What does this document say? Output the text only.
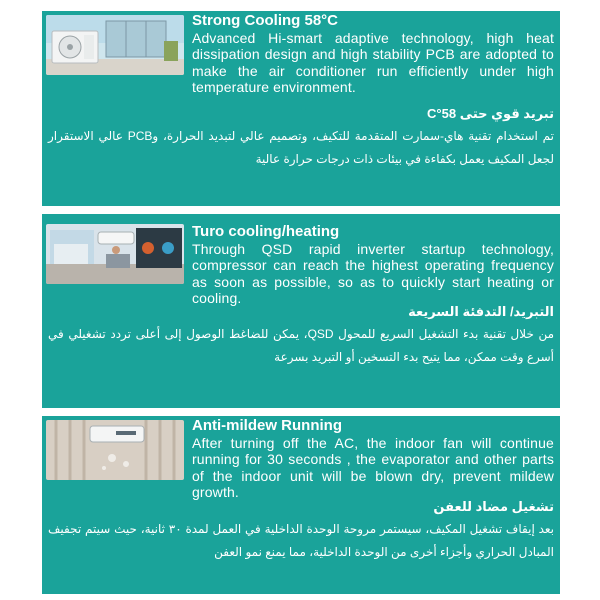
Strong Cooling 58°C

Advanced Hi-smart adaptive technology, high heat dissipation design and high stability PCB are adopted to make the air conditioner run efficiently under high temperature environment.

تبريد قوي حتى 58°C

تم استخدام تقنية هاي-سمارت المتقدمة للتكيف، وتصميم عالي لتبديد الحرارة، وPCB عالي الاستقرار لجعل المكيف يعمل بكفاءة في بيئات ذات درجات حرارة عالية

Turo cooling/heating

Through QSD rapid inverter startup technology, compressor can reach the highest operating frequency as soon as possible, so as to quickly start heating or cooling.

التبريد/ التدفئة السريعة

من خلال تقنية بدء التشغيل السريع للمحول QSD، يمكن للضاغط الوصول إلى أعلى تردد تشغيلي في أسرع وقت ممكن، مما يتيح بدء التسخين أو التبريد بسرعة

Anti-mildew Running

After turning off the AC, the indoor fan will continue running for 30 seconds , the evaporator and other parts of the indoor unit will be blown dry, prevent mildew growth.

تشغيل مضاد للعفن

بعد إيقاف تشغيل المكيف، سيستمر مروحة الوحدة الداخلية في العمل لمدة ٣٠ ثانية، حيث سيتم تجفيف المبادل الحراري وأجزاء أخرى من الوحدة الداخلية، مما يمنع نمو العفن
